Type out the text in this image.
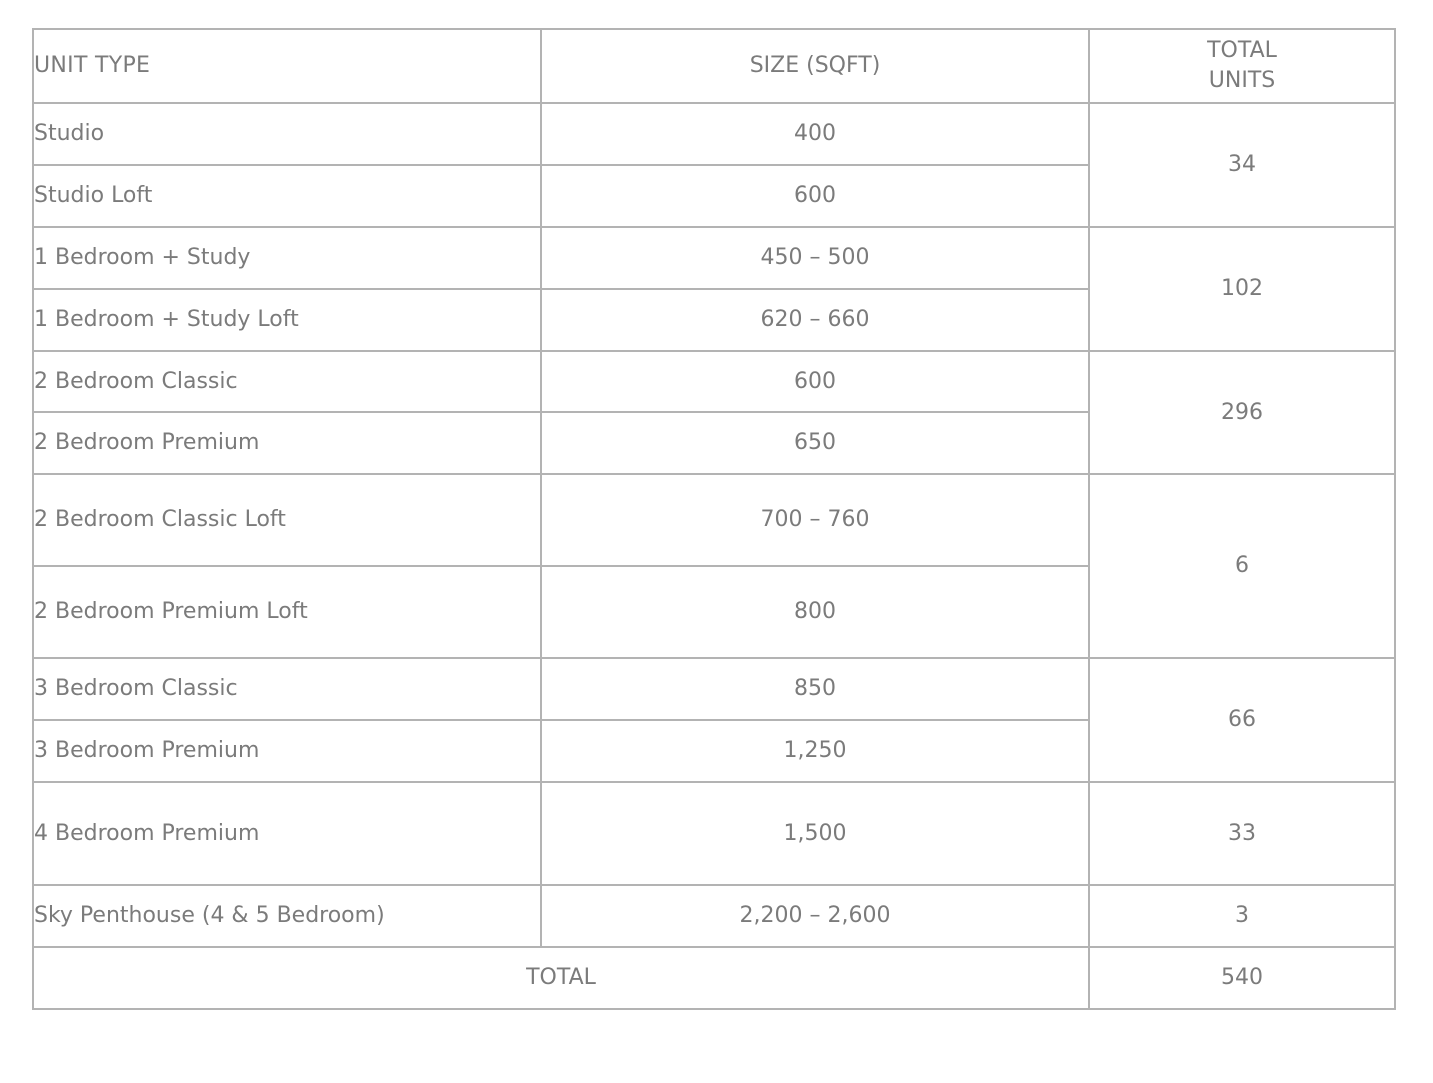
UNIT TYPE	SIZE (SQFT)	TOTAL
UNITS
Studio	400	34
Studio Loft	600	
1 Bedroom + Study	450 – 500	102
1 Bedroom + Study Loft	620 – 660	
2 Bedroom Classic	600	296
2 Bedroom Premium	650	
2 Bedroom Classic Loft	700 – 760	6
2 Bedroom Premium Loft	800	
3 Bedroom Classic	850	66
3 Bedroom Premium	1,250	
4 Bedroom Premium	1,500	33
Sky Penthouse (4 & 5 Bedroom)	2,200 – 2,600	3
TOTAL		540
